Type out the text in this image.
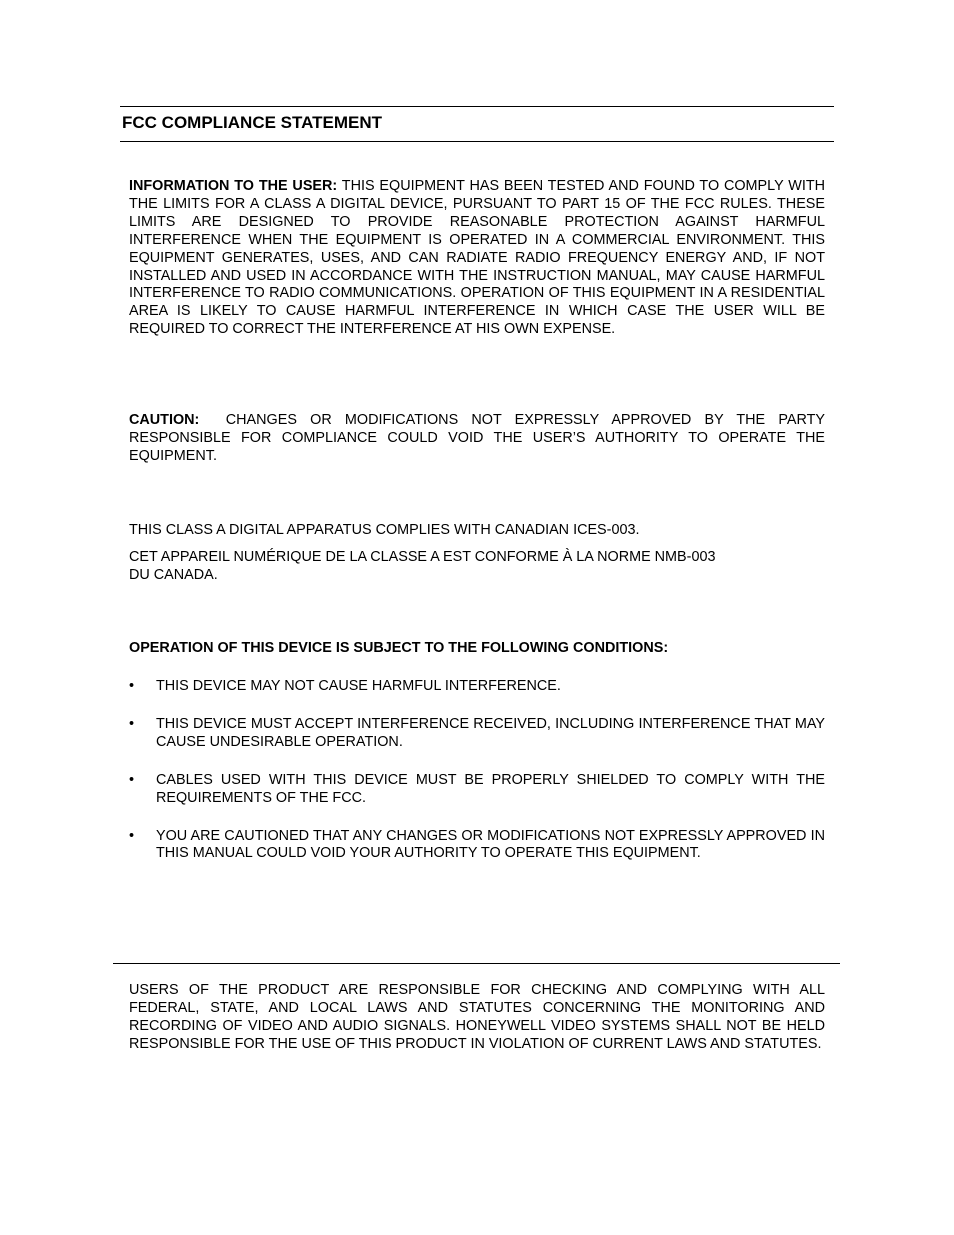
FCC COMPLIANCE STATEMENT

INFORMATION TO THE USER: THIS EQUIPMENT HAS BEEN TESTED AND FOUND TO COMPLY WITH THE LIMITS FOR A CLASS A DIGITAL DEVICE, PURSUANT TO PART 15 OF THE FCC RULES. THESE LIMITS ARE DESIGNED TO PROVIDE REASONABLE PROTECTION AGAINST HARMFUL INTERFERENCE WHEN THE EQUIPMENT IS OPERATED IN A COMMERCIAL ENVIRONMENT. THIS EQUIPMENT GENERATES, USES, AND CAN RADIATE RADIO FREQUENCY ENERGY AND, IF NOT INSTALLED AND USED IN ACCORDANCE WITH THE INSTRUCTION MANUAL, MAY CAUSE HARMFUL INTERFERENCE TO RADIO COMMUNICATIONS. OPERATION OF THIS EQUIPMENT IN A RESIDENTIAL AREA IS LIKELY TO CAUSE HARMFUL INTERFERENCE IN WHICH CASE THE USER WILL BE REQUIRED TO CORRECT THE INTERFERENCE AT HIS OWN EXPENSE.

CAUTION: CHANGES OR MODIFICATIONS NOT EXPRESSLY APPROVED BY THE PARTY RESPONSIBLE FOR COMPLIANCE COULD VOID THE USER’S AUTHORITY TO OPERATE THE EQUIPMENT.

THIS CLASS A DIGITAL APPARATUS COMPLIES WITH CANADIAN ICES-003.

CET APPAREIL NUMÉRIQUE DE LA CLASSE A EST CONFORME À LA NORME NMB-003
DU CANADA.

OPERATION OF THIS DEVICE IS SUBJECT TO THE FOLLOWING CONDITIONS:

• THIS DEVICE MAY NOT CAUSE HARMFUL INTERFERENCE.
• THIS DEVICE MUST ACCEPT INTERFERENCE RECEIVED, INCLUDING INTERFERENCE THAT MAY CAUSE UNDESIRABLE OPERATION.
• CABLES USED WITH THIS DEVICE MUST BE PROPERLY SHIELDED TO COMPLY WITH THE REQUIREMENTS OF THE FCC.
• YOU ARE CAUTIONED THAT ANY CHANGES OR MODIFICATIONS NOT EXPRESSLY APPROVED IN THIS MANUAL COULD VOID YOUR AUTHORITY TO OPERATE THIS EQUIPMENT.

USERS OF THE PRODUCT ARE RESPONSIBLE FOR CHECKING AND COMPLYING WITH ALL FEDERAL, STATE, AND LOCAL LAWS AND STATUTES CONCERNING THE MONITORING AND RECORDING OF VIDEO AND AUDIO SIGNALS. HONEYWELL VIDEO SYSTEMS SHALL NOT BE HELD RESPONSIBLE FOR THE USE OF THIS PRODUCT IN VIOLATION OF CURRENT LAWS AND STATUTES.
